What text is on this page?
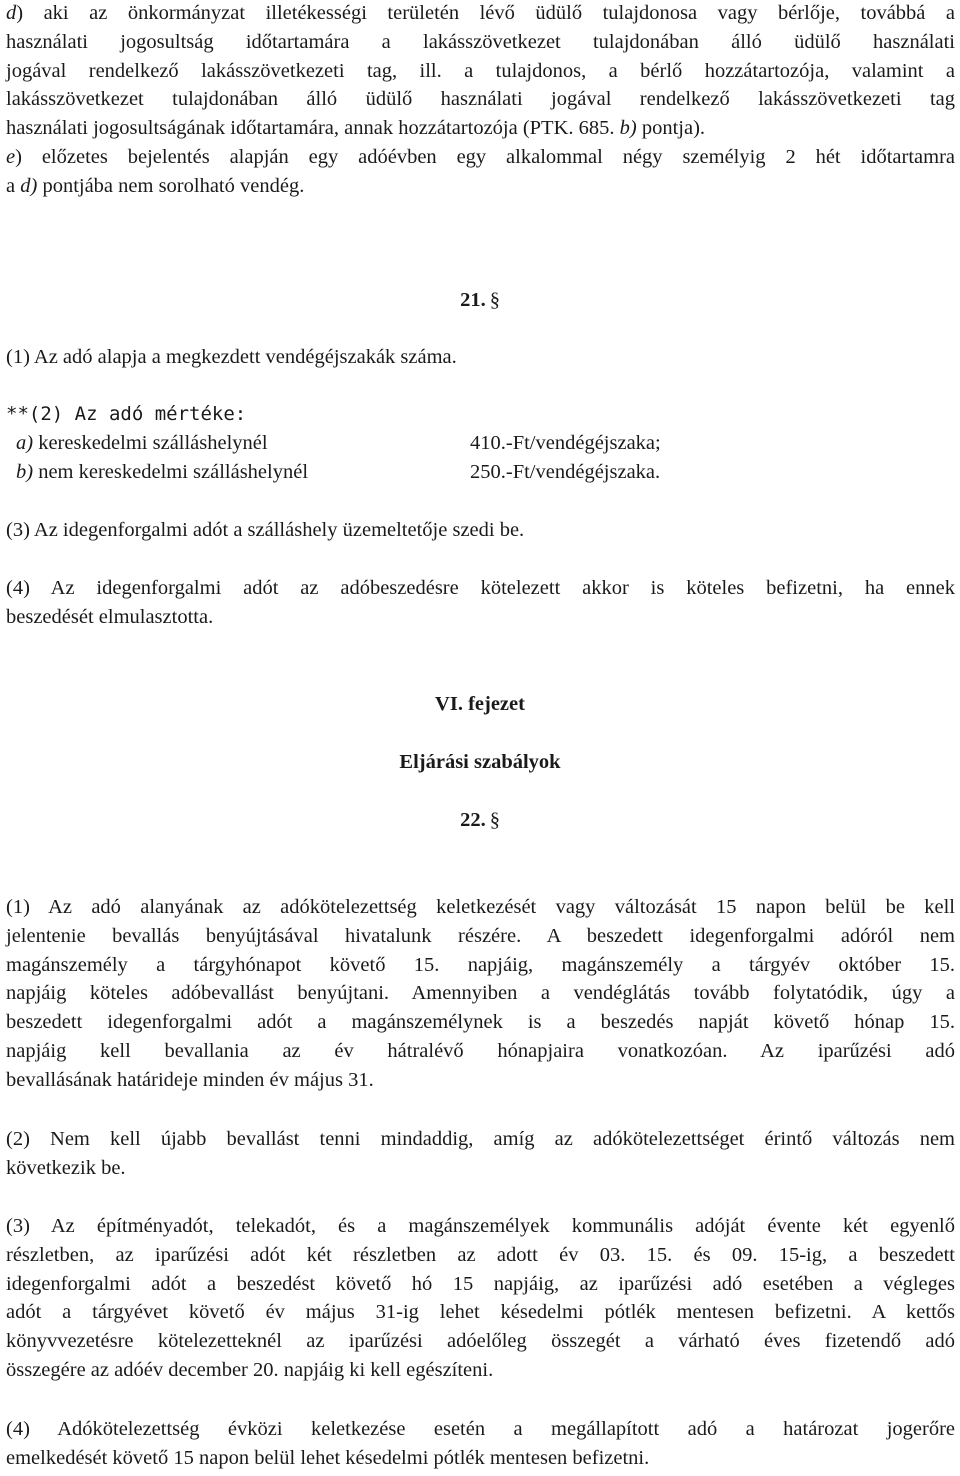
d) aki az önkormányzat illetékességi területén lévő üdülő tulajdonosa vagy bérlője, továbbá a
használati jogosultság időtartamára a lakásszövetkezet tulajdonában álló üdülő használati
jogával rendelkező lakásszövetkezeti tag, ill. a tulajdonos, a bérlő hozzátartozója, valamint a
lakásszövetkezet tulajdonában álló üdülő használati jogával rendelkező lakásszövetkezeti tag
használati jogosultságának időtartamára, annak hozzátartozója (PTK. 685. b) pontja).
e) előzetes bejelentés alapján egy adóévben egy alkalommal négy személyig 2 hét időtartamra
a d) pontjába nem sorolható vendég.
21. §

(1) Az adó alapja a megkezdett vendégéjszakák száma.

**(2) Az adó mértéke:

a) kereskedelmi szálláshelynél	410.-Ft/vendégéjszaka;
b) nem kereskedelmi szálláshelynél	250.-Ft/vendégéjszaka.

(3) Az idegenforgalmi adót a szálláshely üzemeltetője szedi be.

(4) Az idegenforgalmi adót az adóbeszedésre kötelezett akkor is köteles befizetni, ha ennek
beszedését elmulasztotta.
VI. fejezet
Eljárási szabályok
22. §
(1) Az adó alanyának az adókötelezettség keletkezését vagy változását 15 napon belül be kell
jelentenie bevallás benyújtásával hivatalunk részére. A beszedett idegenforgalmi adóról nem
magánszemély a tárgyhónapot követő 15. napjáig, magánszemély a tárgyév október 15.
napjáig köteles adóbevallást benyújtani. Amennyiben a vendéglátás tovább folytatódik, úgy a
beszedett idegenforgalmi adót a magánszemélynek is a beszedés napját követő hónap 15.
napjáig kell bevallania az év hátralévő hónapjaira vonatkozóan. Az iparűzési adó
bevallásának határideje minden év május 31.
(2) Nem kell újabb bevallást tenni mindaddig, amíg az adókötelezettséget érintő változás nem
következik be.
(3) Az építményadót, telekadót, és a magánszemélyek kommunális adóját évente két egyenlő
részletben, az iparűzési adót két részletben az adott év 03. 15. és 09. 15-ig, a beszedett
idegenforgalmi adót a beszedést követő hó 15 napjáig, az iparűzési adó esetében a végleges
adót a tárgyévet követő év május 31-ig lehet késedelmi pótlék mentesen befizetni. A kettős
könyvvezetésre kötelezetteknél az iparűzési adóelőleg összegét a várható éves fizetendő adó
összegére az adóév december 20. napjáig ki kell egészíteni.
(4) Adókötelezettség évközi keletkezése esetén a megállapított adó a határozat jogerőre
emelkedését követő 15 napon belül lehet késedelmi pótlék mentesen befizetni.
